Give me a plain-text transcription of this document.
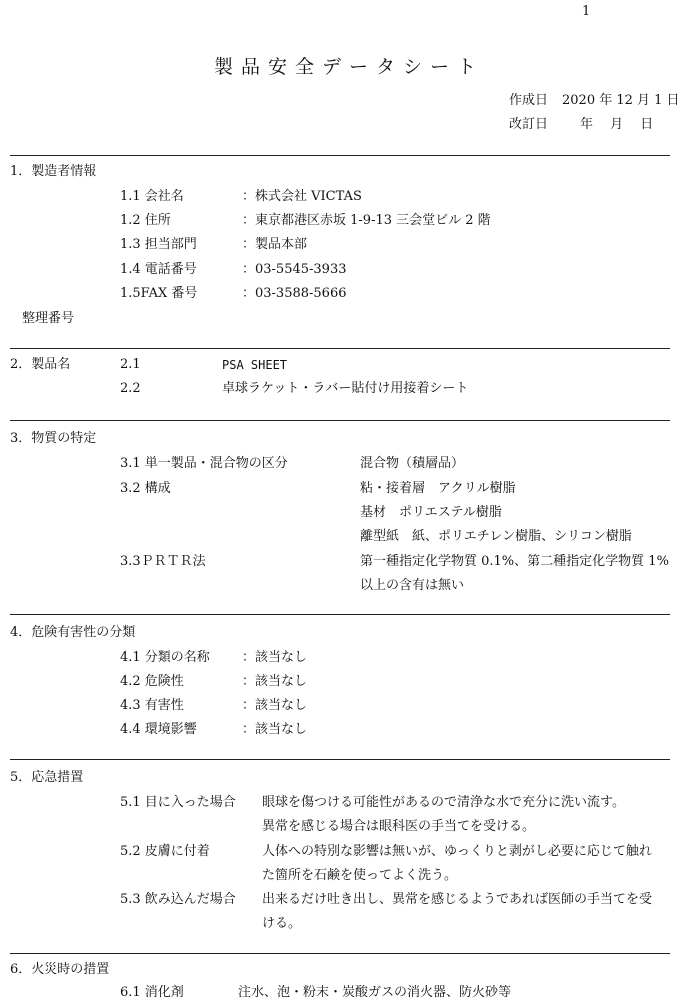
1
製品安全データシート
作成日 2020 年 12 月 1 日
改訂日 年　 月　 日
1．製造者情報
1.1 会社名	：株式会社 VICTAS
1.2 住所	：東京都港区赤坂 1-9-13 三会堂ビル 2 階
1.3 担当部門	：製品本部
1.4 電話番号	：03-5545-3933
1.5FAX 番号	：03-3588-5666
整理番号
2．製品名	2.1	PSA SHEET
2.2	卓球ラケット・ラバー貼付け用接着シート
3．物質の特定
3.1 単一製品・混合物の区分	混合物（積層品）
3.2 構成	粘・接着層　アクリル樹脂
基材　ポリエステル樹脂
離型紙　紙、ポリエチレン樹脂、シリコン樹脂
3.3ＰＲＴＲ法	第一種指定化学物質 0.1%、第二種指定化学物質 1%
以上の含有は無い
4．危険有害性の分類
4.1 分類の名称 ：該当なし
4.2 危険性	：該当なし
4.3 有害性	：該当なし
4.4 環境影響	：該当なし
5．応急措置
5.1 目に入った場合 眼球を傷つける可能性があるので清浄な水で充分に洗い流す。
異常を感じる場合は眼科医の手当てを受ける。
5.2 皮膚に付着	人体への特別な影響は無いが、ゆっくりと剥がし必要に応じて触れ
た箇所を石鹸を使ってよく洗う。
5.3 飲み込んだ場合 出来るだけ吐き出し、異常を感じるようであれば医師の手当てを受
ける。
6．火災時の措置
6.1 消化剤	注水、泡・粉末・炭酸ガスの消火器、防火砂等
